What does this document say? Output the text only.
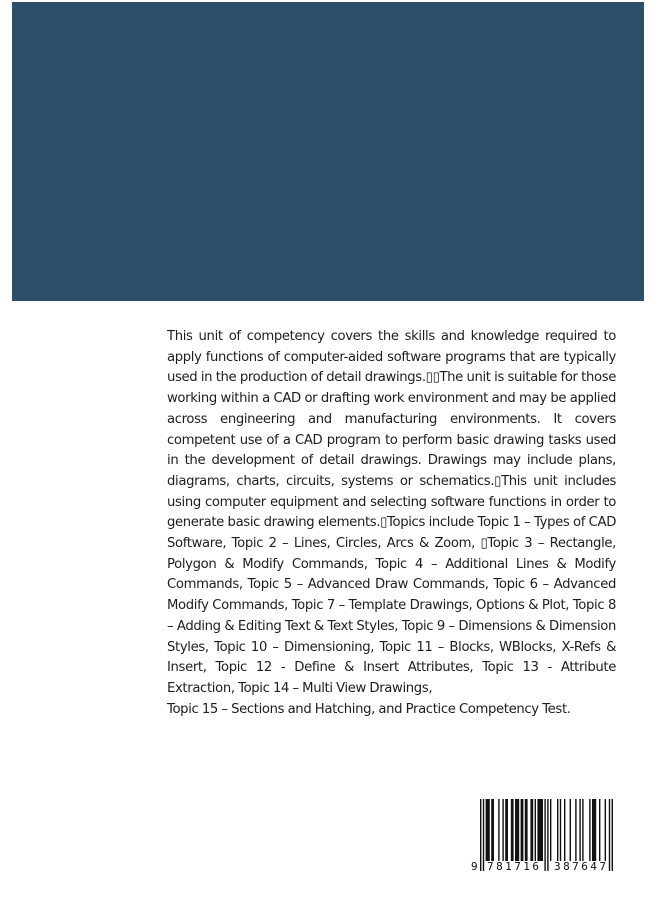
This unit of competency covers the skills and knowledge required to apply functions of computer-aided software programs that are typically used in the production of detail drawings.▯▯The unit is suitable for those working within a CAD or drafting work environment and may be applied across engineering and manufacturing environments. It covers competent use of a CAD program to perform basic drawing tasks used in the development of detail drawings. Drawings may include plans, diagrams, charts, circuits, systems or schematics.▯This unit includes using computer equipment and selecting software functions in order to generate basic drawing elements.▯Topics include Topic 1 – Types of CAD Software, Topic 2 – Lines, Circles, Arcs & Zoom, ▯Topic 3 – Rectangle, Polygon & Modify Commands, Topic 4 – Additional Lines & Modify Commands, Topic 5 – Advanced Draw Commands, Topic 6 – Advanced Modify Commands, Topic 7 – Template Drawings, Options & Plot, Topic 8 – Adding & Editing Text & Text Styles, Topic 9 – Dimensions & Dimension Styles, Topic 10 – Dimensioning, Topic 11 – Blocks, WBlocks, X-Refs & Insert, Topic 12 - Define & Insert Attributes, Topic 13 - Attribute Extraction, Topic 14 – Multi View Drawings,
Topic 15 – Sections and Hatching, and Practice Competency Test.

9 781716 387647
